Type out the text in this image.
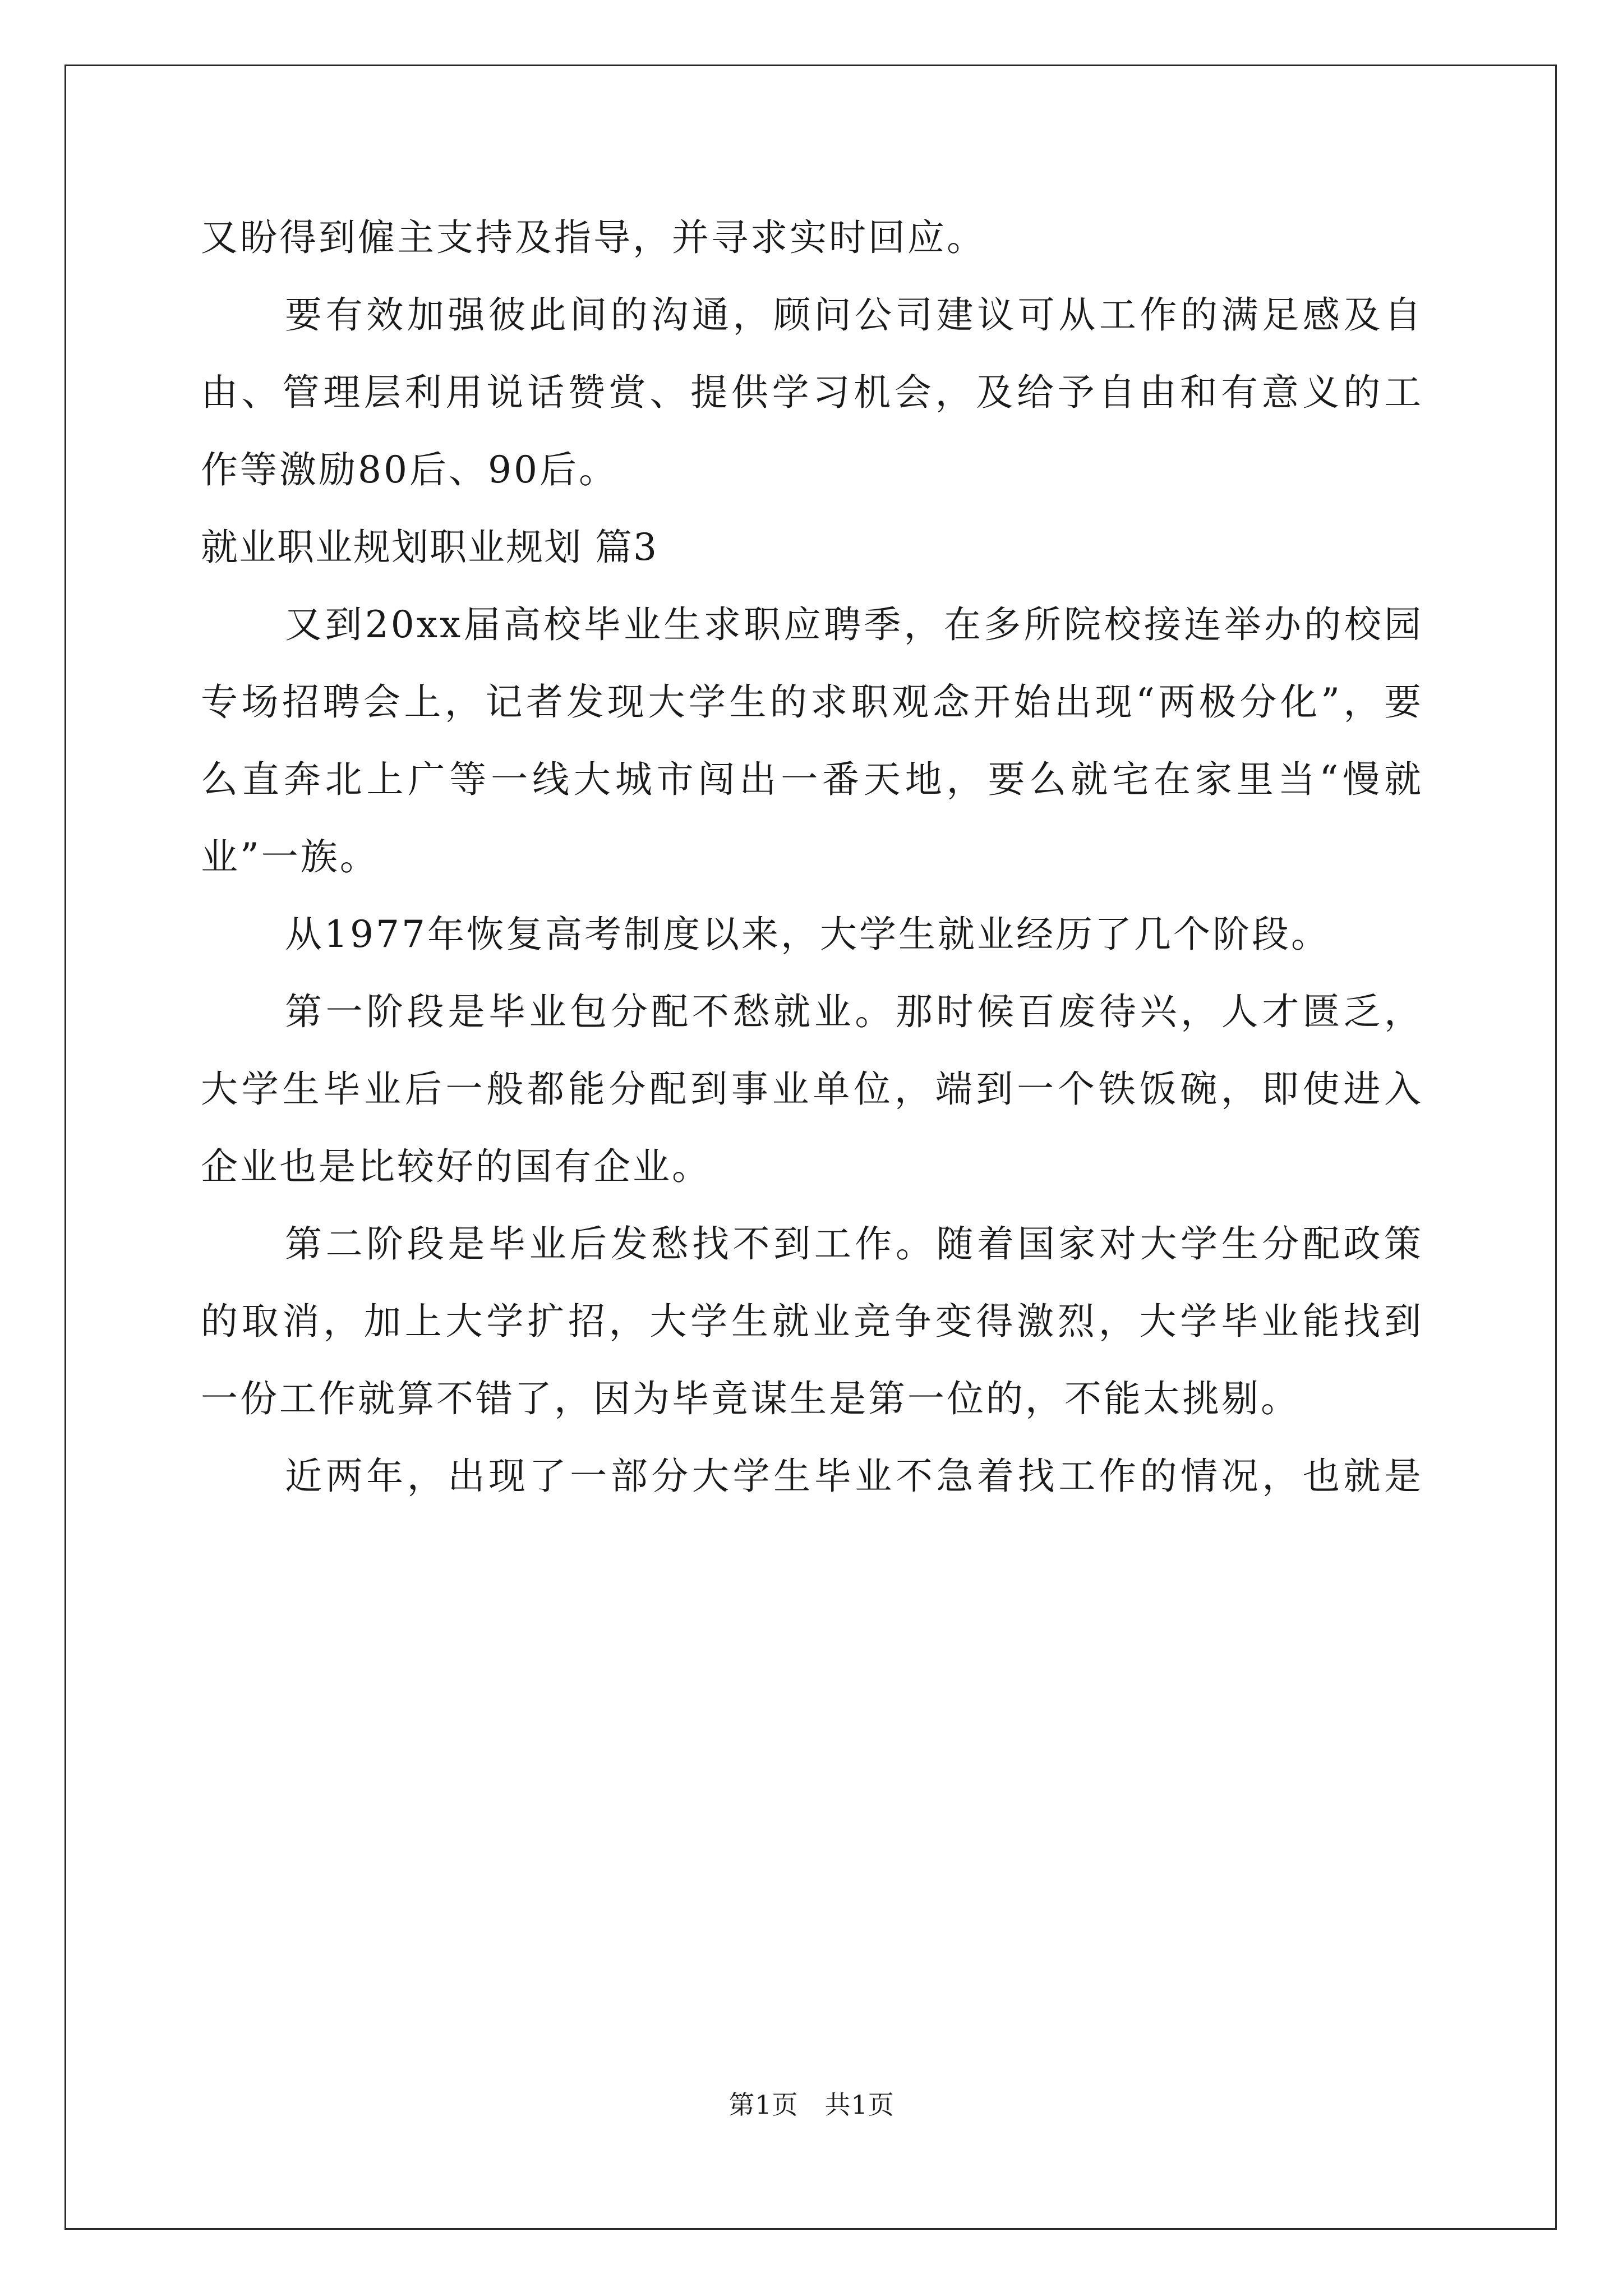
又盼得到僱主支持及指导，并寻求实时回应。
要有效加强彼此间的沟通，顾问公司建议可从工作的满足感及自
由、管理层利用说话赞赏、提供学习机会，及给予自由和有意义的工
作等激励80后、90后。
就业职业规划职业规划 篇3
又到20xx届高校毕业生求职应聘季，在多所院校接连举办的校园
专场招聘会上，记者发现大学生的求职观念开始出现“两极分化”，要
么直奔北上广等一线大城市闯出一番天地，要么就宅在家里当“慢就
业”一族。
从1977年恢复高考制度以来，大学生就业经历了几个阶段。
第一阶段是毕业包分配不愁就业。那时候百废待兴，人才匮乏，
大学生毕业后一般都能分配到事业单位，端到一个铁饭碗，即使进入
企业也是比较好的国有企业。
第二阶段是毕业后发愁找不到工作。随着国家对大学生分配政策
的取消，加上大学扩招，大学生就业竞争变得激烈，大学毕业能找到
一份工作就算不错了，因为毕竟谋生是第一位的，不能太挑剔。
近两年，出现了一部分大学生毕业不急着找工作的情况，也就是
第1页　共1页
